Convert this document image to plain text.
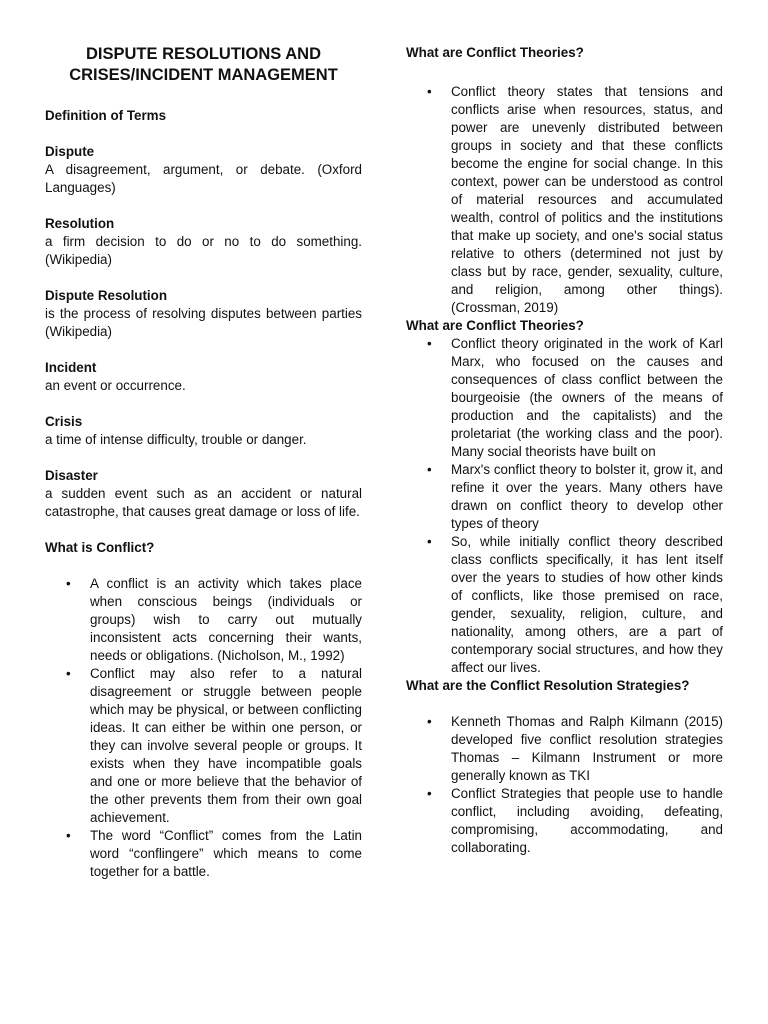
DISPUTE RESOLUTIONS AND
CRISES/INCIDENT MANAGEMENT
Definition of Terms
Dispute
A disagreement, argument, or debate. (Oxford Languages)
Resolution
a firm decision to do or no to do something. (Wikipedia)
Dispute Resolution
is the process of resolving disputes between parties (Wikipedia)
Incident
an event or occurrence.
Crisis
a time of intense difficulty, trouble or danger.
Disaster
a sudden event such as an accident or natural catastrophe, that causes great damage or loss of life.
What is Conflict?
•	A conflict is an activity which takes place when conscious beings (individuals or groups) wish to carry out mutually inconsistent acts concerning their wants, needs or obligations. (Nicholson, M., 1992)
•	Conflict may also refer to a natural disagreement or struggle between people which may be physical, or between conflicting ideas. It can either be within one person, or they can involve several people or groups. It exists when they have incompatible goals and one or more believe that the behavior of the other prevents them from their own goal achievement.
•	The word “Conflict” comes from the Latin word “conflingere” which means to come together for a battle.
What are Conflict Theories?
•	Conflict theory states that tensions and conflicts arise when resources, status, and power are unevenly distributed between groups in society and that these conflicts become the engine for social change. In this context, power can be understood as control of material resources and accumulated wealth, control of politics and the institutions that make up society, and one's social status relative to others (determined not just by class but by race, gender, sexuality, culture, and religion, among other things). (Crossman, 2019)
What are Conflict Theories?
•	Conflict theory originated in the work of Karl Marx, who focused on the causes and consequences of class conflict between the bourgeoisie (the owners of the means of production and the capitalists) and the proletariat (the working class and the poor). Many social theorists have built on
•	Marx's conflict theory to bolster it, grow it, and refine it over the years. Many others have drawn on conflict theory to develop other types of theory
•	So, while initially conflict theory described class conflicts specifically, it has lent itself over the years to studies of how other kinds of conflicts, like those premised on race, gender, sexuality, religion, culture, and nationality, among others, are a part of contemporary social structures, and how they affect our lives.
What are the Conflict Resolution Strategies?
•	Kenneth Thomas and Ralph Kilmann (2015) developed five conflict resolution strategies Thomas – Kilmann Instrument or more generally known as TKI
•	Conflict Strategies that people use to handle conflict, including avoiding, defeating, compromising, accommodating, and collaborating.
